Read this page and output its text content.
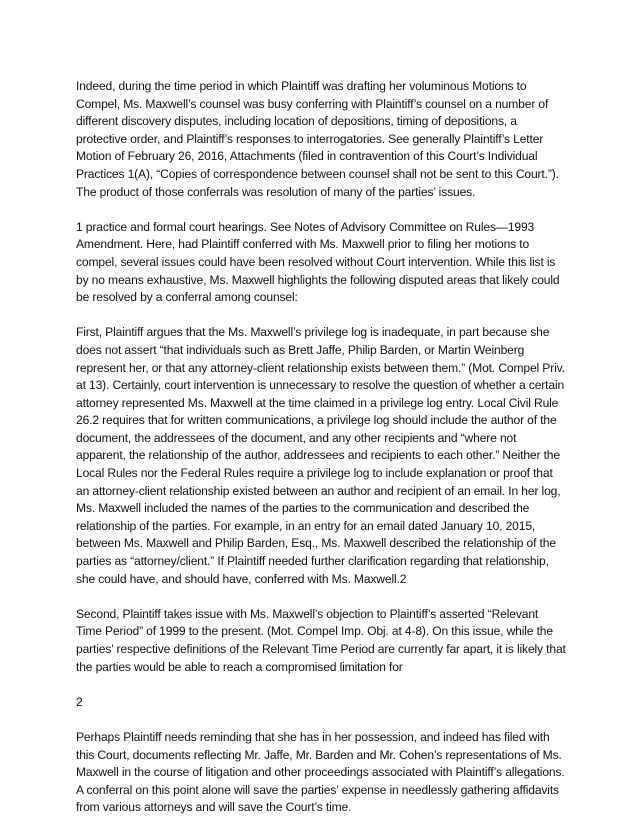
Indeed, during the time period in which Plaintiff was drafting her voluminous Motions to Compel, Ms. Maxwell’s counsel was busy conferring with Plaintiff’s counsel on a number of different discovery disputes, including location of depositions, timing of depositions, a protective order, and Plaintiff’s responses to interrogatories. See generally Plaintiff’s Letter Motion of February 26, 2016, Attachments (filed in contravention of this Court’s Individual Practices 1(A), “Copies of correspondence between counsel shall not be sent to this Court.”). The product of those conferrals was resolution of many of the parties’ issues.

1 practice and formal court hearings. See Notes of Advisory Committee on Rules—1993 Amendment. Here, had Plaintiff conferred with Ms. Maxwell prior to filing her motions to compel, several issues could have been resolved without Court intervention. While this list is by no means exhaustive, Ms. Maxwell highlights the following disputed areas that likely could be resolved by a conferral among counsel:

First, Plaintiff argues that the Ms. Maxwell’s privilege log is inadequate, in part because she does not assert “that individuals such as Brett Jaffe, Philip Barden, or Martin Weinberg represent her, or that any attorney-client relationship exists between them.” (Mot. Compel Priv. at 13). Certainly, court intervention is unnecessary to resolve the question of whether a certain attorney represented Ms. Maxwell at the time claimed in a privilege log entry. Local Civil Rule 26.2 requires that for written communications, a privilege log should include the author of the document, the addressees of the document, and any other recipients and “where not apparent, the relationship of the author, addressees and recipients to each other.” Neither the Local Rules nor the Federal Rules require a privilege log to include explanation or proof that an attorney-client relationship existed between an author and recipient of an email. In her log, Ms. Maxwell included the names of the parties to the communication and described the relationship of the parties. For example, in an entry for an email dated January 10, 2015, between Ms. Maxwell and Philip Barden, Esq., Ms. Maxwell described the relationship of the parties as “attorney/client.” If Plaintiff needed further clarification regarding that relationship, she could have, and should have, conferred with Ms. Maxwell.2

Second, Plaintiff takes issue with Ms. Maxwell’s objection to Plaintiff’s asserted “Relevant Time Period” of 1999 to the present. (Mot. Compel Imp. Obj. at 4-8). On this issue, while the parties’ respective definitions of the Relevant Time Period are currently far apart, it is likely that the parties would be able to reach a compromised limitation for

2

Perhaps Plaintiff needs reminding that she has in her possession, and indeed has filed with this Court, documents reflecting Mr. Jaffe, Mr. Barden and Mr. Cohen’s representations of Ms. Maxwell in the course of litigation and other proceedings associated with Plaintiff’s allegations. A conferral on this point alone will save the parties’ expense in needlessly gathering affidavits from various attorneys and will save the Court’s time.
